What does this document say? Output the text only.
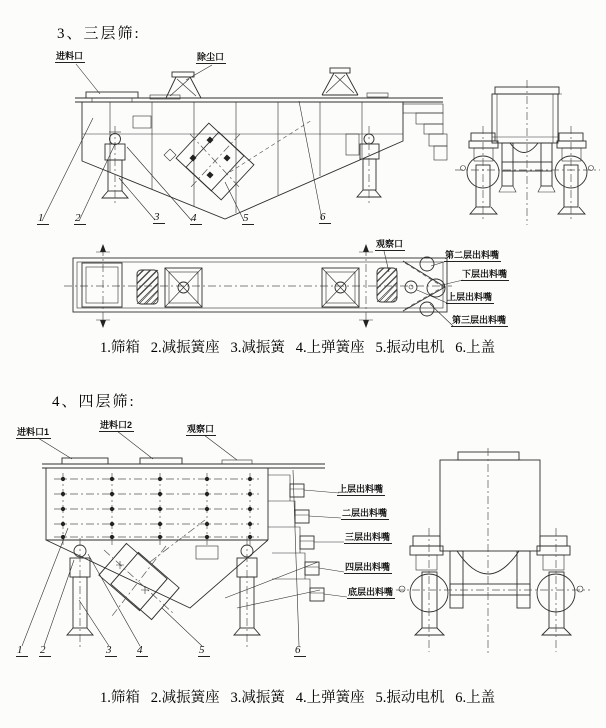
3、三层筛:
进料口	除尘口
观察口
第二层出料嘴
下层出料嘴
上层出料嘴
第三层出料嘴
1	2	3	4	5	6
1.筛箱   2.减振簧座   3.减振簧   4.上弹簧座   5.振动电机   6.上盖
4、四层筛:
进料口1
进料口2	观察口
上层出料嘴
二层出料嘴
三层出料嘴
四层出料嘴
底层出料嘴
1	2	3	4	5	6
1.筛箱   2.减振簧座   3.减振簧   4.上弹簧座   5.振动电机   6.上盖
